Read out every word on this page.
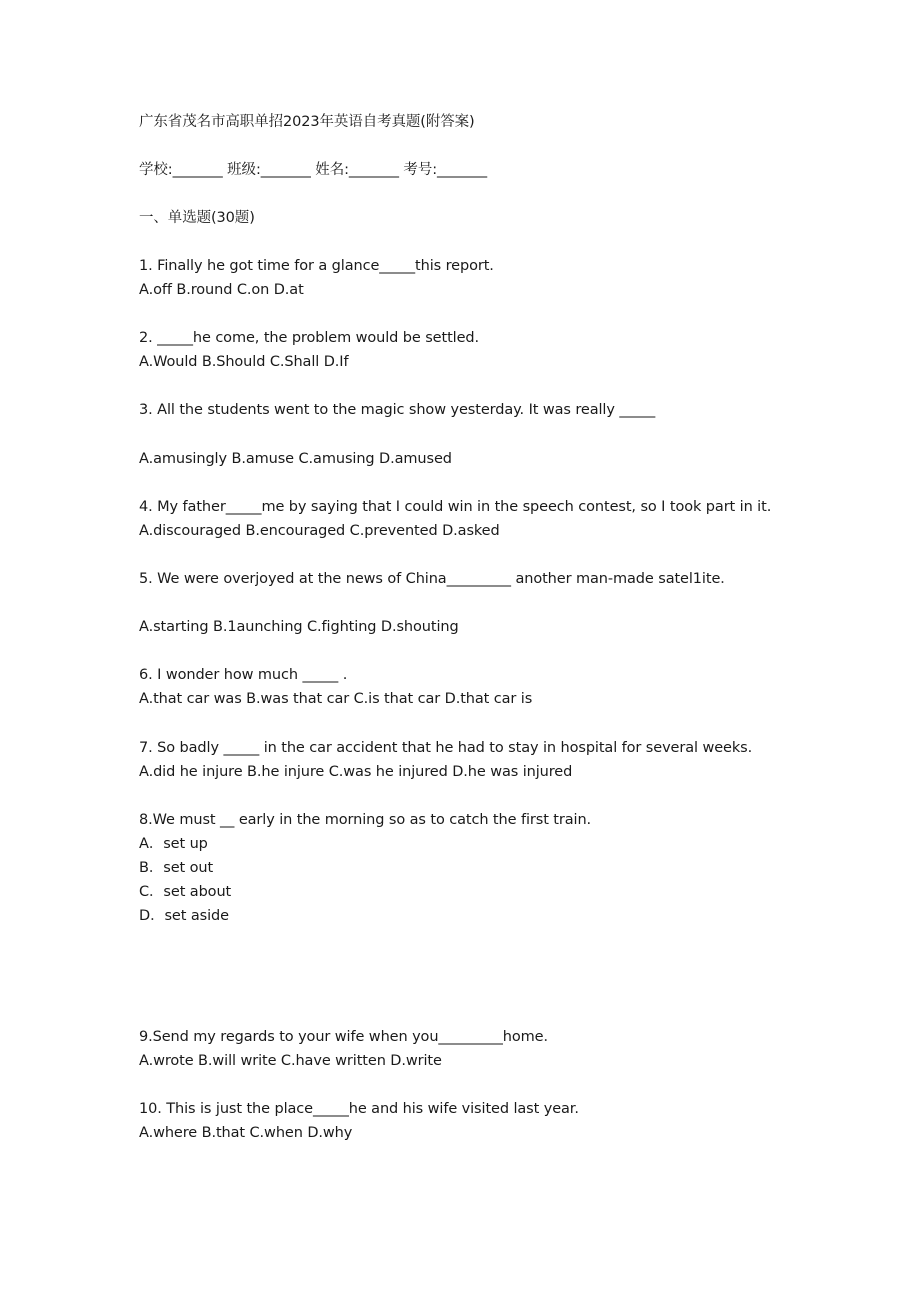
广东省茂名市高职单招2023年英语自考真题(附答案)
学校:_______ 班级:_______ 姓名:_______ 考号:_______
一、单选题(30题)
1. Finally he got time for a glance_____this report.
A.off B.round C.on D.at
2. _____he come, the problem would be settled.
A.Would B.Should C.Shall D.If
3. All the students went to the magic show yesterday. It was really _____
A.amusingly B.amuse C.amusing D.amused
4. My father_____me by saying that I could win in the speech contest, so I took part in it.
A.discouraged B.encouraged C.prevented D.asked
5. We were overjoyed at the news of China_________ another man-made satel1ite．
A.starting B.1aunching C.fighting D.shouting
6. I wonder how much _____ .
A.that car was B.was that car C.is that car D.that car is
7. So badly _____ in the car accident that he had to stay in hospital for several weeks.
A.did he injure B.he injure C.was he injured D.he was injured
8.We must __ early in the morning so as to catch the first train.
A．set up
B．set out
C．set about
D．set aside
9.Send my regards to your wife when you_________home．
A.wrote B.will write C.have written D.write
10. This is just the place_____he and his wife visited last year.
A.where B.that C.when D.why
